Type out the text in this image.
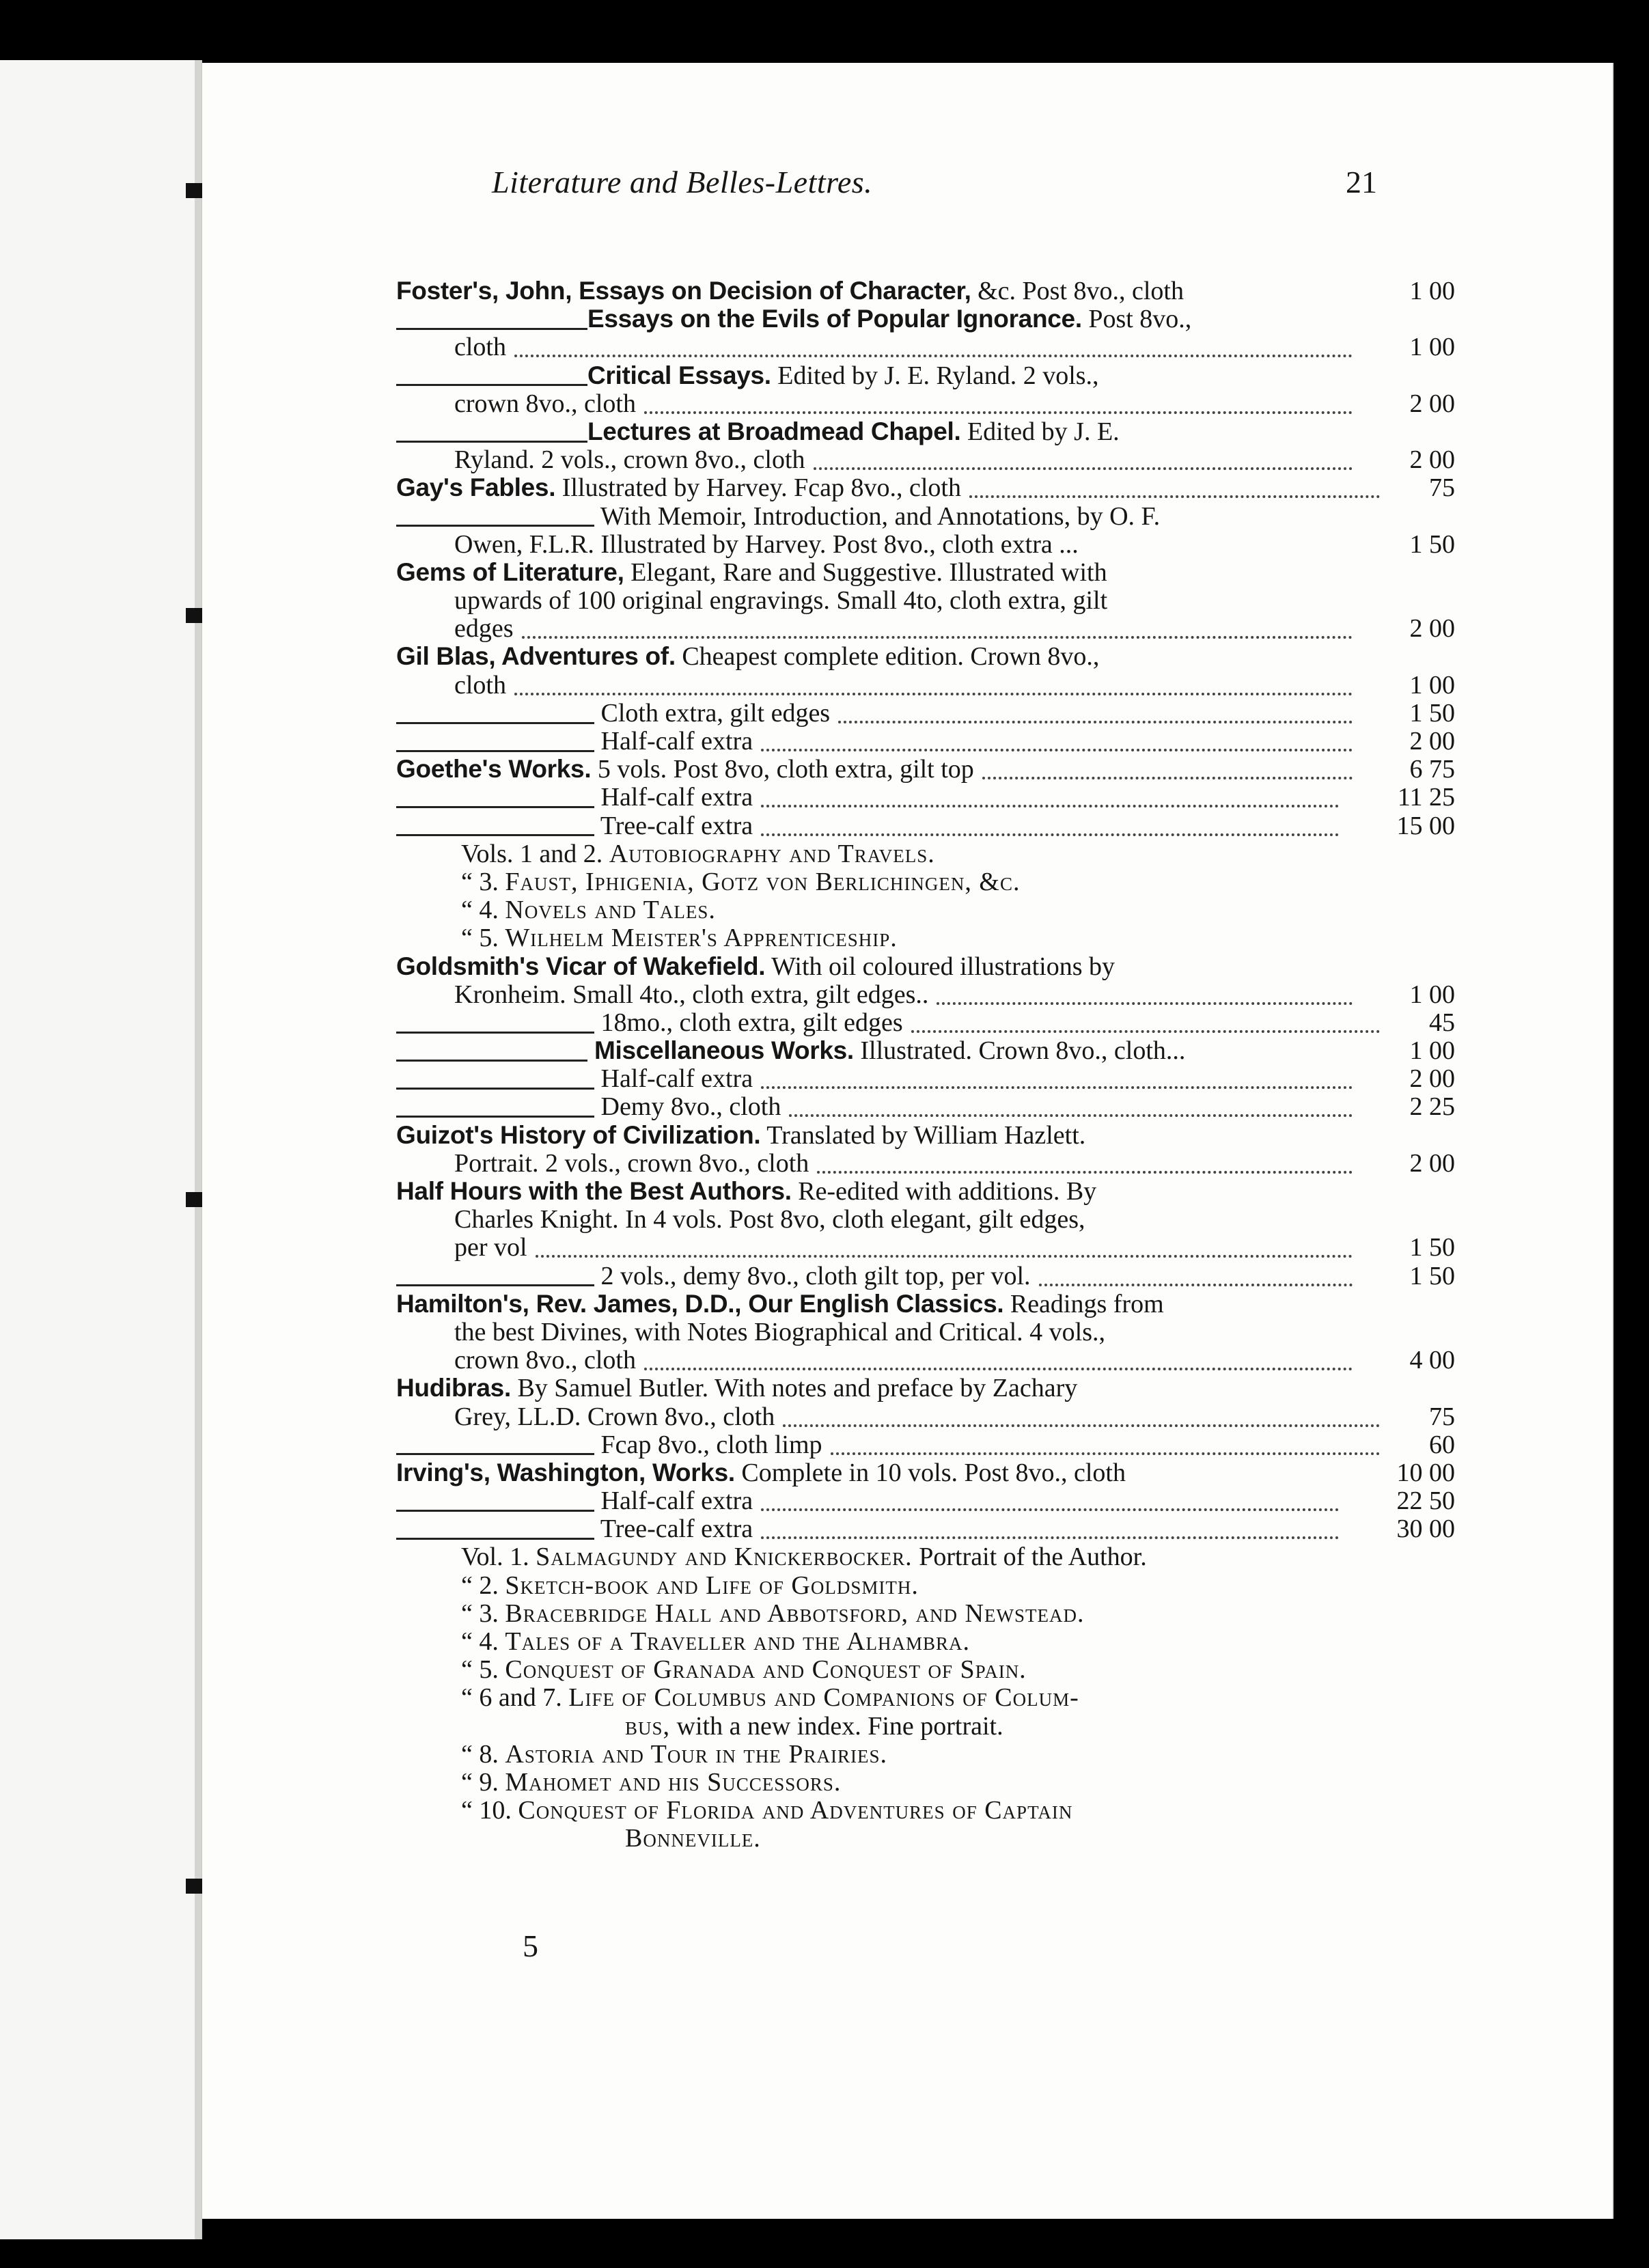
Literature and Belles-Lettres.	21
Foster's, John, Essays on Decision of Character, &c. Post 8vo., cloth	1 00
Essays on the Evils of Popular Ignorance. Post 8vo.,
cloth	1 00
Critical Essays. Edited by J. E. Ryland. 2 vols.,
crown 8vo., cloth	2 00
Lectures at Broadmead Chapel. Edited by J. E.
Ryland. 2 vols., crown 8vo., cloth	2 00
Gay's Fables. Illustrated by Harvey. Fcap 8vo., cloth	75
With Memoir, Introduction, and Annotations, by O. F.
Owen, F.L.R. Illustrated by Harvey. Post 8vo., cloth extra ...	1 50
Gems of Literature, Elegant, Rare and Suggestive. Illustrated with
upwards of 100 original engravings. Small 4to, cloth extra, gilt
edges	2 00
Gil Blas, Adventures of. Cheapest complete edition. Crown 8vo.,
cloth	1 00
Cloth extra, gilt edges	1 50
Half-calf extra	2 00
Goethe's Works. 5 vols. Post 8vo, cloth extra, gilt top	6 75
Half-calf extra	11 25
Tree-calf extra	15 00
Vols. 1 and 2. Autobiography and Travels.
“ 3. Faust, Iphigenia, Gotz von Berlichingen, &c.
“ 4. Novels and Tales.
“ 5. Wilhelm Meister's Apprenticeship.
Goldsmith's Vicar of Wakefield. With oil coloured illustrations by
Kronheim. Small 4to., cloth extra, gilt edges..	1 00
18mo., cloth extra, gilt edges	45
Miscellaneous Works. Illustrated. Crown 8vo., cloth...	1 00
Half-calf extra	2 00
Demy 8vo., cloth	2 25
Guizot's History of Civilization. Translated by William Hazlett.
Portrait. 2 vols., crown 8vo., cloth	2 00
Half Hours with the Best Authors. Re-edited with additions. By
Charles Knight. In 4 vols. Post 8vo, cloth elegant, gilt edges,
per vol	1 50
2 vols., demy 8vo., cloth gilt top, per vol.	1 50
Hamilton's, Rev. James, D.D., Our English Classics. Readings from
the best Divines, with Notes Biographical and Critical. 4 vols.,
crown 8vo., cloth	4 00
Hudibras. By Samuel Butler. With notes and preface by Zachary
Grey, LL.D. Crown 8vo., cloth	75
Fcap 8vo., cloth limp	60
Irving's, Washington, Works. Complete in 10 vols. Post 8vo., cloth	10 00
Half-calf extra	22 50
Tree-calf extra	30 00
Vol. 1. Salmagundy and Knickerbocker. Portrait of the Author.
“ 2. Sketch-book and Life of Goldsmith.
“ 3. Bracebridge Hall and Abbotsford, and Newstead.
“ 4. Tales of a Traveller and the Alhambra.
“ 5. Conquest of Granada and Conquest of Spain.
“ 6 and 7. Life of Columbus and Companions of Colum-
bus, with a new index. Fine portrait.
“ 8. Astoria and Tour in the Prairies.
“ 9. Mahomet and his Successors.
“ 10. Conquest of Florida and Adventures of Captain
Bonneville.
5
